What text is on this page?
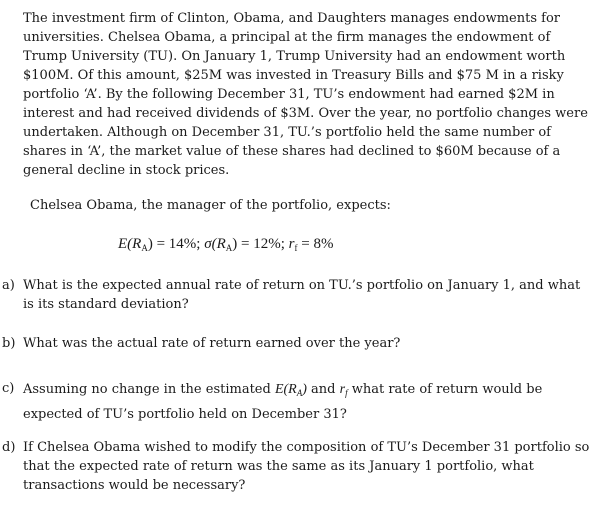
The investment firm of Clinton, Obama, and Daughters manages endowments for universities. Chelsea Obama, a principal at the firm manages the endowment of Trump University (TU). On January 1, Trump University had an endowment worth $100M. Of this amount, $25M was invested in Treasury Bills and $75 M in a risky portfolio ‘A’. By the following December 31, TU’s endowment had earned $2M in interest and had received dividends of $3M. Over the year, no portfolio changes were undertaken. Although on December 31, TU.’s portfolio held the same number of shares in ‘A’, the market value of these shares had declined to $60M because of a general decline in stock prices.

Chelsea Obama, the manager of the portfolio, expects:

$E(R_A) = 14\%$; $\sigma(R_A) = 12\%$; $r_f = 8\%$
a) What is the expected annual rate of return on TU.’s portfolio on January 1, and what is its standard deviation?
b) What was the actual rate of return earned over the year?
c) Assuming no change in the estimated $E(R_A)$ and $r_f$ what rate of return would be expected of TU’s portfolio held on December 31?
d) If Chelsea Obama wished to modify the composition of TU’s December 31 portfolio so that the expected rate of return was the same as its January 1 portfolio, what transactions would be necessary?
